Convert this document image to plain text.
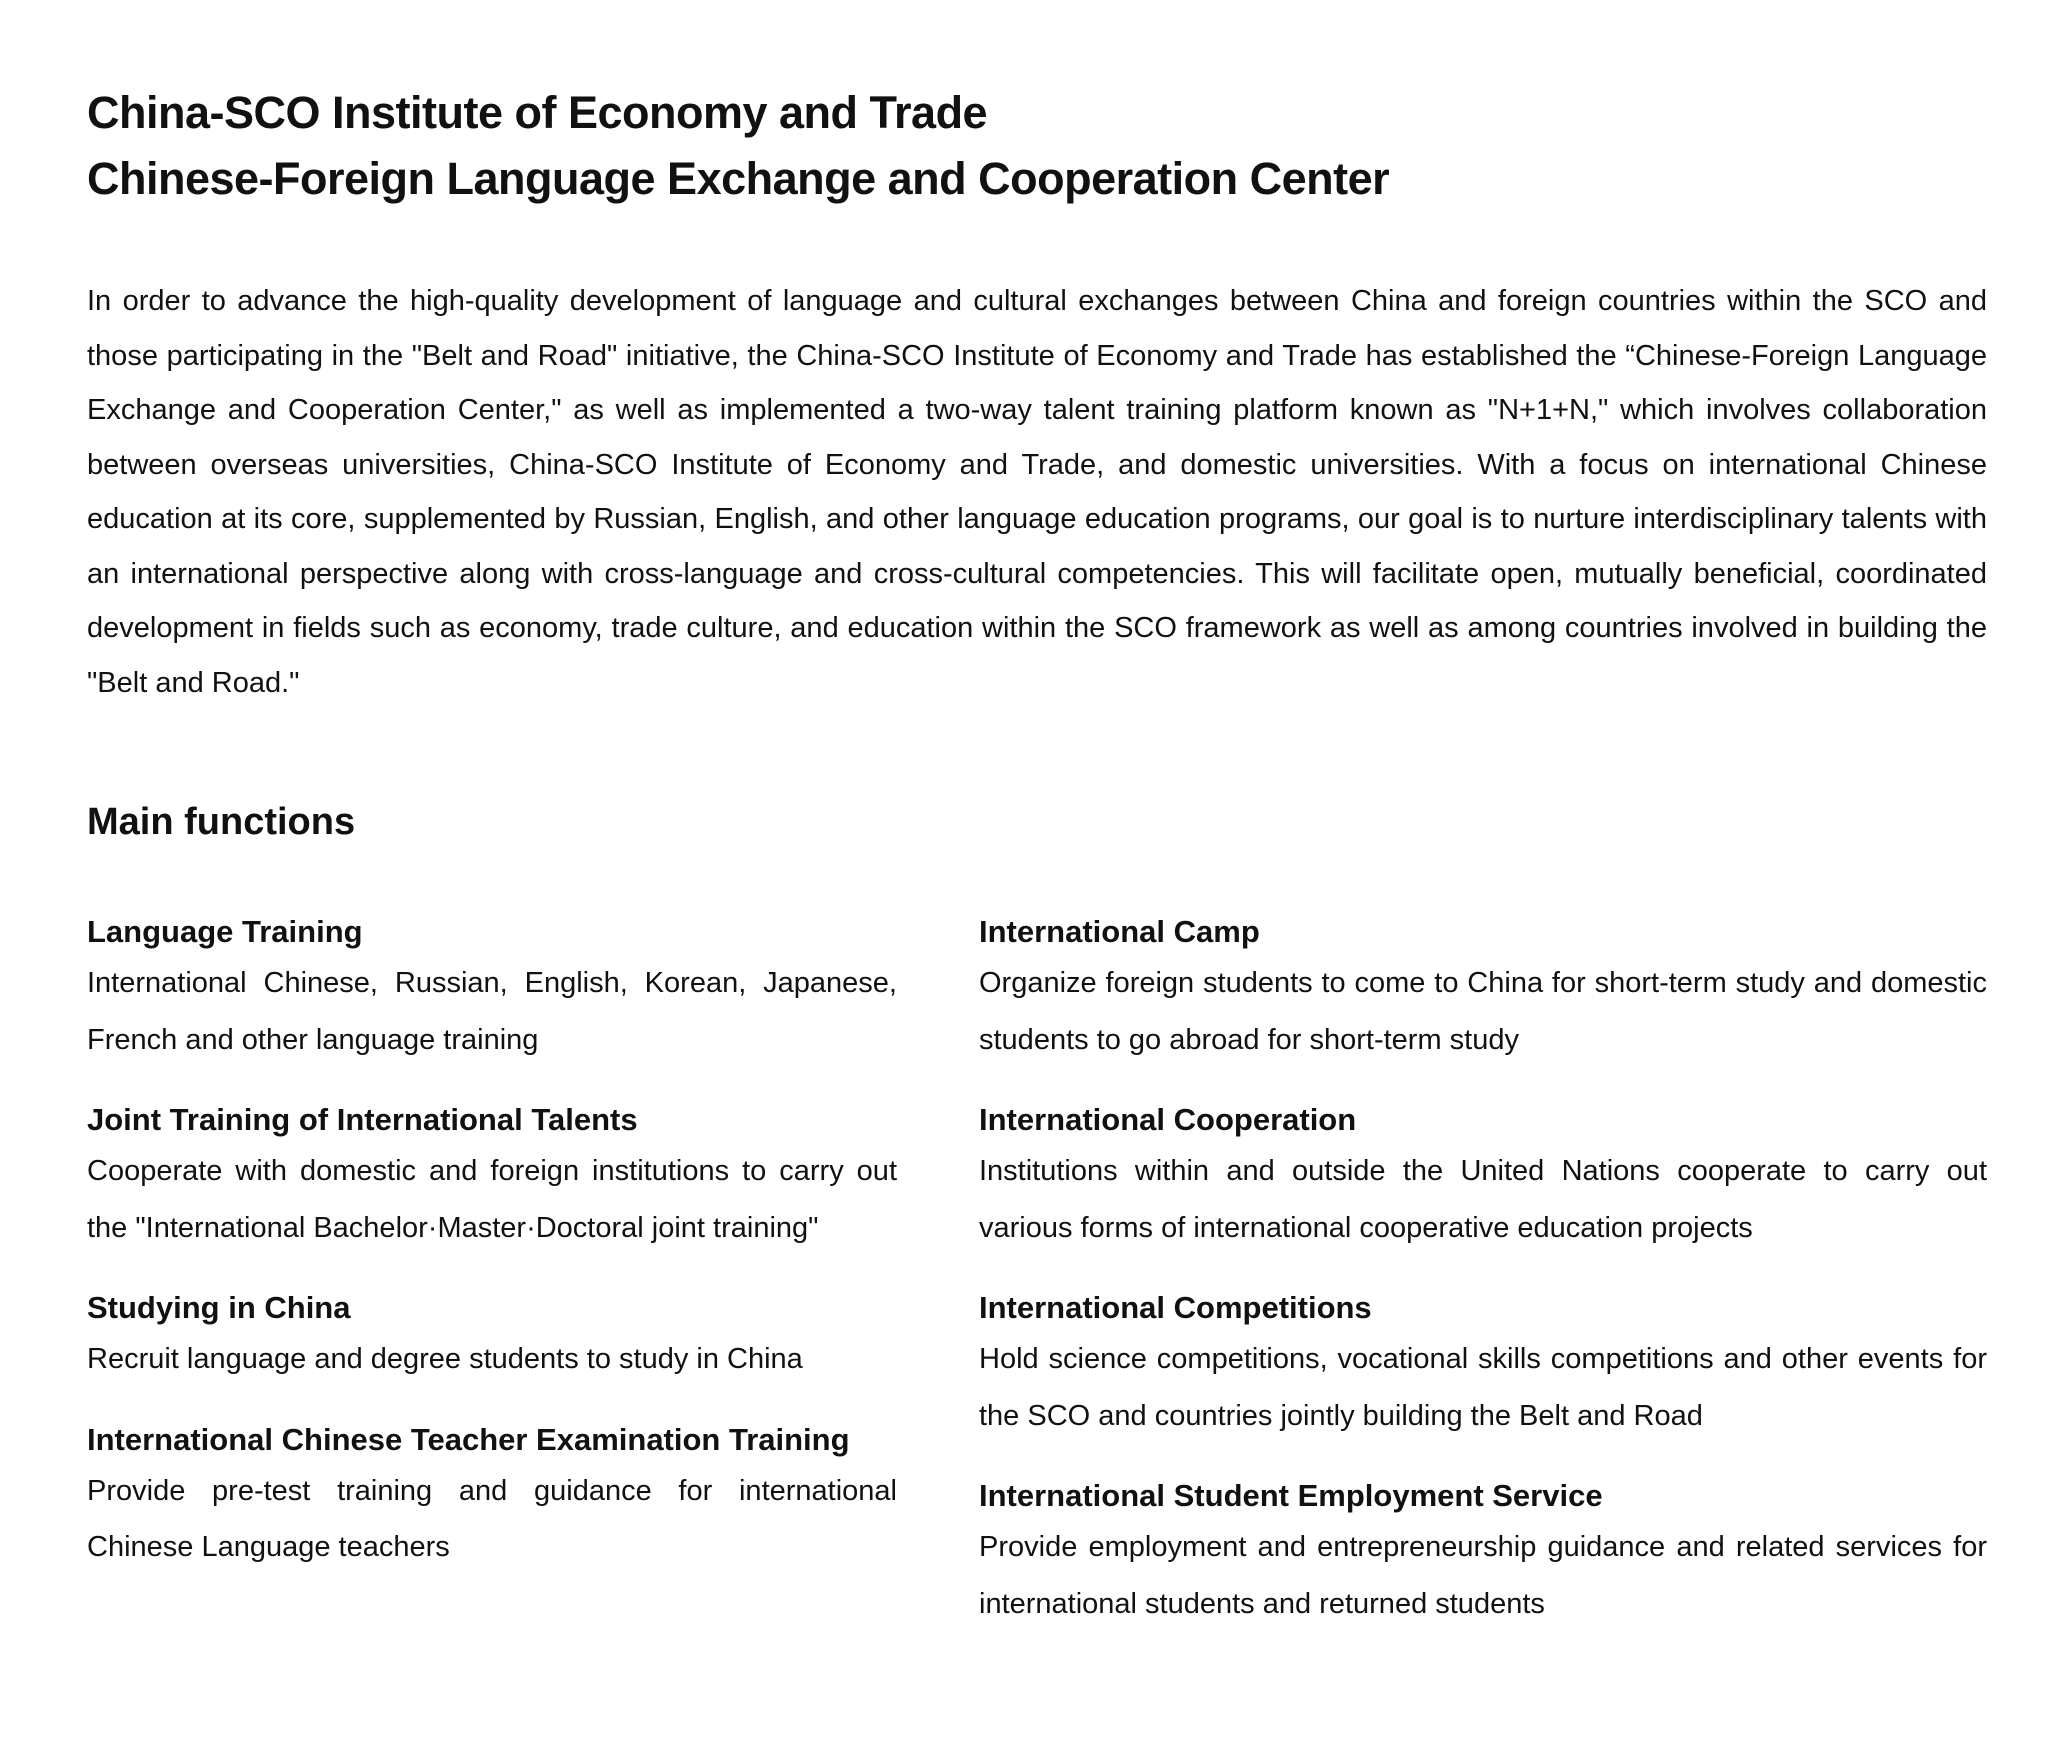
China-SCO Institute of Economy and Trade
Chinese-Foreign Language Exchange and Cooperation Center

In order to advance the high-quality development of language and cultural exchanges between China and foreign countries within the SCO and those participating in the "Belt and Road" initiative, the China-SCO Institute of Economy and Trade has established the “Chinese-Foreign Language Exchange and Cooperation Center," as well as implemented a two-way talent training platform known as "N+1+N," which involves collaboration between overseas universities, China-SCO Institute of Economy and Trade, and domestic universities. With a focus on international Chinese education at its core, supplemented by Russian, English, and other language education programs, our goal is to nurture interdisciplinary talents with an international perspective along with cross-language and cross-cultural competencies. This will facilitate open, mutually beneficial, coordinated development in fields such as economy, trade culture, and education within the SCO framework as well as among countries involved in building the "Belt and Road."

Main functions
Language Training

International Chinese, Russian, English, Korean, Japanese, French and other language training

Joint Training of International Talents

Cooperate with domestic and foreign institutions to carry out the "International Bachelor·Master·Doctoral joint training"

Studying in China

Recruit language and degree students to study in China

International Chinese Teacher Examination Training

Provide pre-test training and guidance for international Chinese Language teachers

International Camp

Organize foreign students to come to China for short-term study and domestic students to go abroad for short-term study

International Cooperation

Institutions within and outside the United Nations cooperate to carry out various forms of international cooperative education projects

International Competitions

Hold science competitions, vocational skills competitions and other events for the SCO and countries jointly building the Belt and Road

International Student Employment Service

Provide employment and entrepreneurship guidance and related services for international students and returned students
